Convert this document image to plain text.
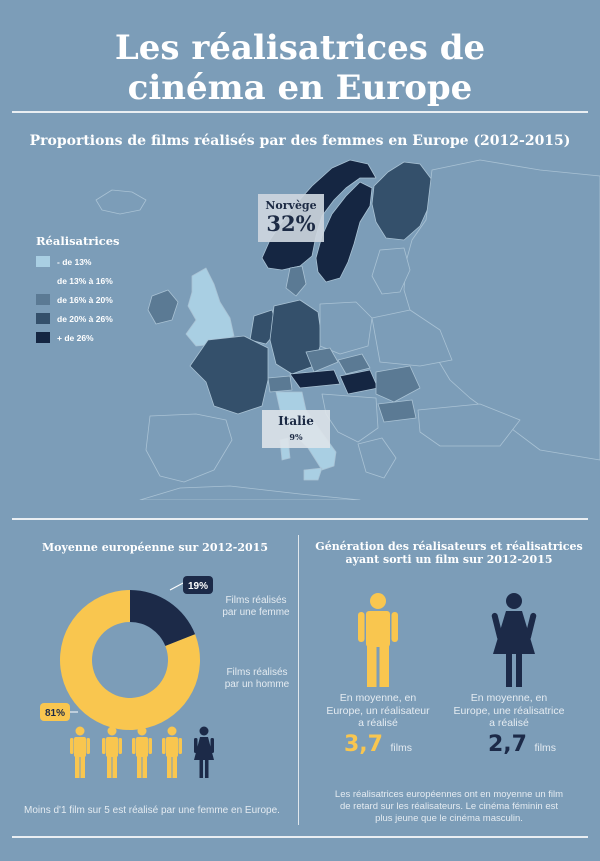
Les réalisatrices de
cinéma en Europe
Proportions de films réalisés par des femmes en Europe (2012-2015)
Réalisatrices
- de 13%
de 13% à 16%
de 16% à 20%
de 20% à 26%
+ de 26%
Norvège
32%
Italie
9%
Moyenne européenne sur 2012-2015
19%
81%
Films réalisés
par une femme
Films réalisés
par un homme
Moins d'1 film sur 5 est réalisé par une femme en Europe.
Génération des réalisateurs et réalisatrices
ayant sorti un film sur 2012-2015
En moyenne, en
Europe, un réalisateur
a réalisé
En moyenne, en
Europe, une réalisatrice
a réalisé
3,7 films	2,7 films
Les réalisatrices européennes ont en moyenne un film
de retard sur les réalisateurs. Le cinéma féminin est
plus jeune que le cinéma masculin.
